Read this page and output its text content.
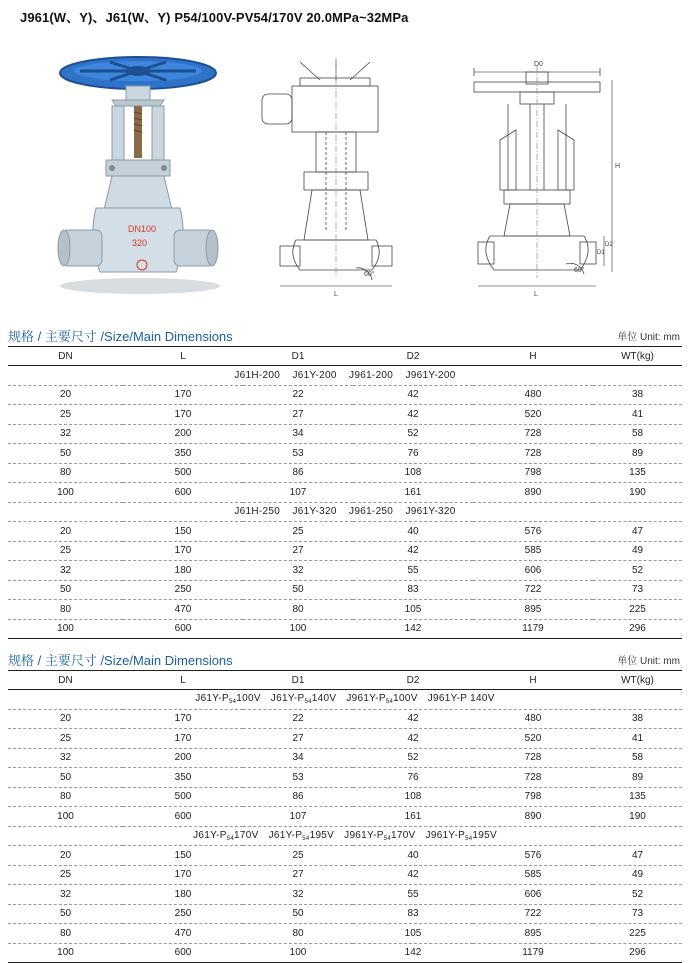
J961(W、Y)、J61(W、Y) P54/100V-PV54/170V 20.0MPa~32MPa
DN100
320
60°
L
D0
H
D1
D2
L
60°
规格 / 主要尺寸 /Size/Main Dimensions	单位 Unit: mm
DN	L	D1	D2	H	WT(kg)
J61H-200    J61Y-200    J961-200    J961Y-200					
20	170	22	42	480	38
25	170	27	42	520	41
32	200	34	52	728	58
50	350	53	76	728	89
80	500	86	108	798	135
100	600	107	161	890	190
J61H-250    J61Y-320    J961-250    J961Y-320					
20	150	25	40	576	47
25	170	27	42	585	49
32	180	32	55	606	52
50	250	50	83	722	73
80	470	80	105	895	225
100	600	100	142	1179	296
规格 / 主要尺寸 /Size/Main Dimensions	单位 Unit: mm
DN	L	D1	D2	H	WT(kg)
$J61Y-P_{54}100V$ $J61Y-P_{54}140V$ $J961Y-P_{54}100V$ J961Y-P 140V					
20	170	22	42	480	38
25	170	27	42	520	41
32	200	34	52	728	58
50	350	53	76	728	89
80	500	86	108	798	135
100	600	107	161	890	190
$J61Y-P_{54}170V$ $J61Y-P_{54}195V$ $J961Y-P_{54}170V$ $J961Y-P_{54}195V$					
20	150	25	40	576	47
25	170	27	42	585	49
32	180	32	55	606	52
50	250	50	83	722	73
80	470	80	105	895	225
100	600	100	142	1179	296
